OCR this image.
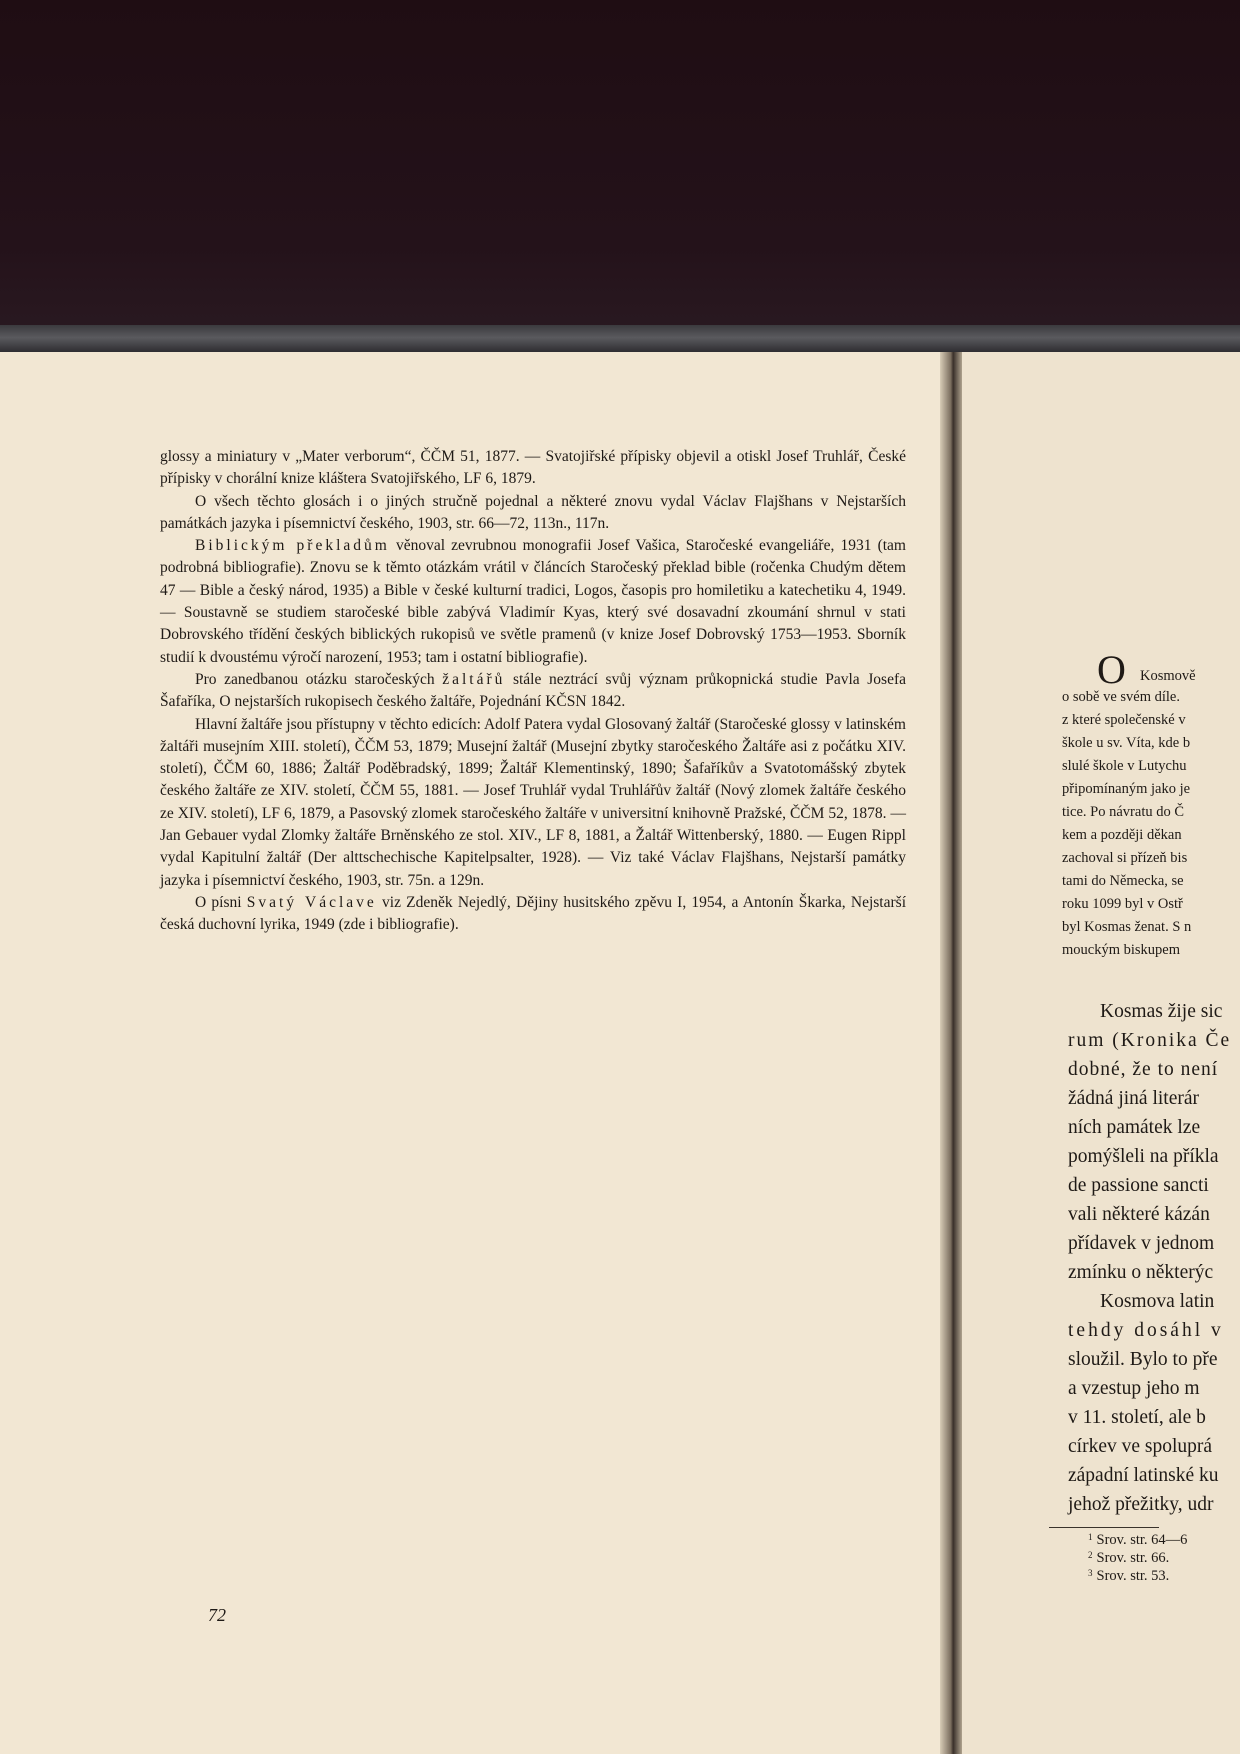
glossy a miniatury v „Mater verborum“, ČČM 51, 1877. — Svatojiřské přípisky objevil a otiskl Josef Truhlář, České přípisky v chorální knize kláštera Svatojiřského, LF 6, 1879.

O všech těchto glosách i o jiných stručně pojednal a některé znovu vydal Václav Flajšhans v Nejstarších památkách jazyka i písemnictví českého, 1903, str. 66—72, 113n., 117n.

Biblickým překladům věnoval zevrubnou monografii Josef Vašica, Staročeské evangeliáře, 1931 (tam podrobná bibliografie). Znovu se k těmto otázkám vrátil v článcích Staročeský překlad bible (ročenka Chudým dětem 47 — Bible a český národ, 1935) a Bible v české kulturní tradici, Logos, časopis pro homiletiku a katechetiku 4, 1949. — Soustavně se studiem staročeské bible zabývá Vladimír Kyas, který své dosavadní zkoumání shrnul v stati Dobrovského třídění českých biblických rukopisů ve světle pramenů (v knize Josef Dobrovský 1753—1953. Sborník studií k dvoustému výročí narození, 1953; tam i ostatní bibliografie).

Pro zanedbanou otázku staročeských žaltářů stále neztrácí svůj význam průkopnická studie Pavla Josefa Šafaříka, O nejstarších rukopisech českého žaltáře, Pojednání KČSN 1842.

Hlavní žaltáře jsou přístupny v těchto edicích: Adolf Patera vydal Glosovaný žaltář (Staročeské glossy v latinském žaltáři musejním XIII. století), ČČM 53, 1879; Musejní žaltář (Musejní zbytky staročeského Žaltáře asi z počátku XIV. století), ČČM 60, 1886; Žaltář Poděbradský, 1899; Žaltář Klementinský, 1890; Šafaříkův a Svatotomášský zbytek českého žaltáře ze XIV. století, ČČM 55, 1881. — Josef Truhlář vydal Truhlářův žaltář (Nový zlomek žaltáře českého ze XIV. století), LF 6, 1879, a Pasovský zlomek staročeského žaltáře v universitní knihovně Pražské, ČČM 52, 1878. — Jan Gebauer vydal Zlomky žaltáře Brněnského ze stol. XIV., LF 8, 1881, a Žaltář Wittenberský, 1880. — Eugen Rippl vydal Kapitulní žaltář (Der alttschechische Kapitelpsalter, 1928). — Viz také Václav Flajšhans, Nejstarší památky jazyka i písemnictví českého, 1903, str. 75n. a 129n.

O písni Svatý Václave viz Zdeněk Nejedlý, Dějiny husitského zpěvu I, 1954, a Antonín Škarka, Nejstarší česká duchovní lyrika, 1949 (zde i bibliografie).

72
O Kosmově
o sobě ve svém díle.
z které společenské v
škole u sv. Víta, kde b
slulé škole v Lutychu
připomínaným jako je
tice. Po návratu do Č
kem a později děkan
zachoval si přízeň bis
tami do Německa, se
roku 1099 byl v Ostř
byl Kosmas ženat. S n
mouckým biskupem
Kosmas žije sic
rum (Kronika Če
dobné, že to není
žádná jiná literár
ních památek lze
pomýšleli na příkla
de passione sancti
vali některé kázán
přídavek v jednom
zmínku o některýc
Kosmova latin
tehdy dosáhl v
sloužil. Bylo to pře
a vzestup jeho m
v 11. století, ale b
církev ve spoluprá
západní latinské ku
jehož přežitky, udr
$^1$ Srov. str. 64—6
$^2$ Srov. str. 66.
$^3$ Srov. str. 53.
